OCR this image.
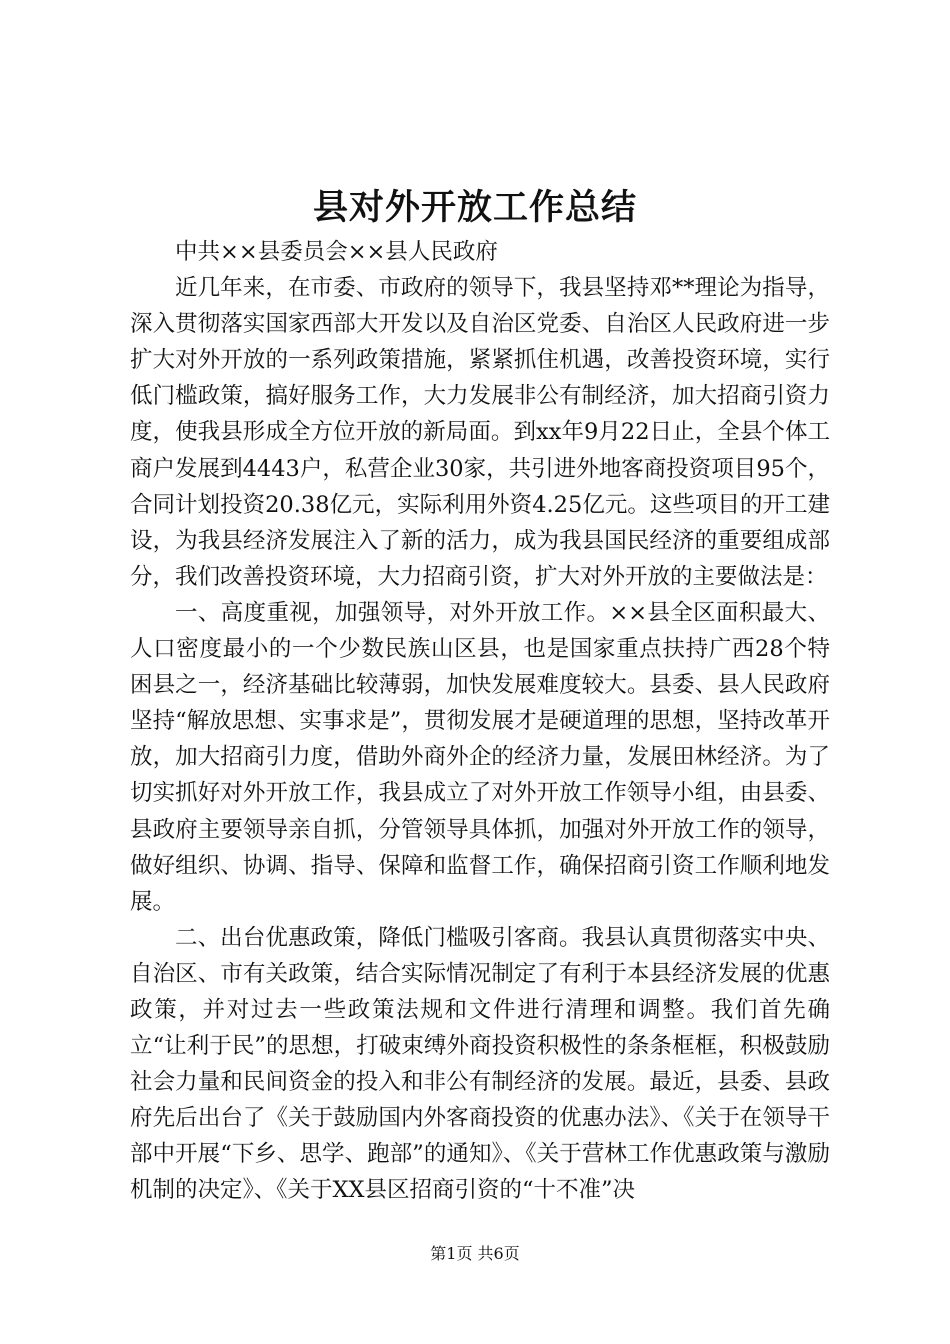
县对外开放工作总结

中共××县委员会××县人民政府

近几年来，在市委、市政府的领导下，我县坚持邓**理论为指导，深入贯彻落实国家西部大开发以及自治区党委、自治区人民政府进一步扩大对外开放的一系列政策措施，紧紧抓住机遇，改善投资环境，实行低门槛政策，搞好服务工作，大力发展非公有制经济，加大招商引资力度，使我县形成全方位开放的新局面。到xx年9月22日止，全县个体工商户发展到4443户，私营企业30家，共引进外地客商投资项目95个，合同计划投资20.38亿元，实际利用外资4.25亿元。这些项目的开工建设，为我县经济发展注入了新的活力，成为我县国民经济的重要组成部分，我们改善投资环境，大力招商引资，扩大对外开放的主要做法是：

一、高度重视，加强领导，对外开放工作。××县全区面积最大、人口密度最小的一个少数民族山区县，也是国家重点扶持广西28个特困县之一，经济基础比较薄弱，加快发展难度较大。县委、县人民政府坚持“解放思想、实事求是”，贯彻发展才是硬道理的思想，坚持改革开放，加大招商引力度，借助外商外企的经济力量，发展田林经济。为了切实抓好对外开放工作，我县成立了对外开放工作领导小组，由县委、县政府主要领导亲自抓，分管领导具体抓，加强对外开放工作的领导，做好组织、协调、指导、保障和监督工作，确保招商引资工作顺利地发展。

二、出台优惠政策，降低门槛吸引客商。我县认真贯彻落实中央、自治区、市有关政策，结合实际情况制定了有利于本县经济发展的优惠政策，并对过去一些政策法规和文件进行清理和调整。我们首先确立“让利于民”的思想，打破束缚外商投资积极性的条条框框，积极鼓励社会力量和民间资金的投入和非公有制经济的发展。最近，县委、县政府先后出台了《关于鼓励国内外客商投资的优惠办法》、《关于在领导干部中开展“下乡、思学、跑部”的通知》、《关于营林工作优惠政策与激励机制的决定》、《关于XX县区招商引资的“十不准”决

第1页 共6页
